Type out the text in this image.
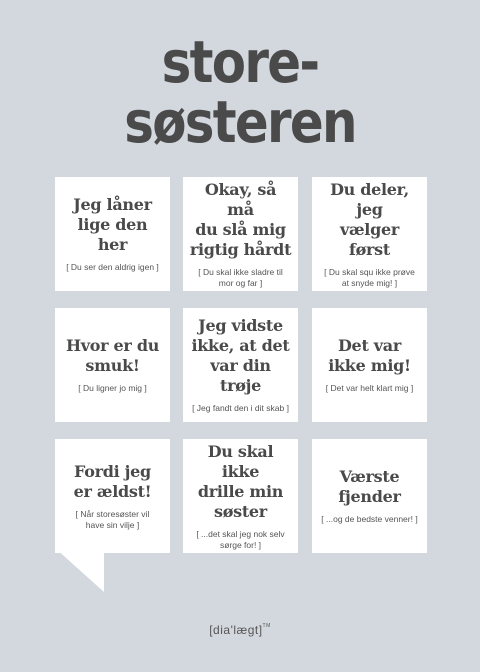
store-
søsteren
Jeg låner
lige den her
[ Du ser den aldrig igen ]
Okay, så må
du slå mig
rigtig hårdt
[ Du skal ikke sladre til
mor og far ]
Du deler, jeg
vælger først
[ Du skal squ ikke prøve
at snyde mig! ]
Hvor er du
smuk!
[ Du ligner jo mig ]
Jeg vidste
ikke, at det
var din trøje
[ Jeg fandt den i dit skab ]
Det var
ikke mig!
[ Det var helt klart mig ]
Fordi jeg
er ældst!
[ Når storesøster vil
have sin vilje ]
Du skal ikke
drille min
søster
[ ...det skal jeg nok selv
sørge for! ]
Værste
fjender
[ ...og de bedste venner! ]
[dia'lægt]™
